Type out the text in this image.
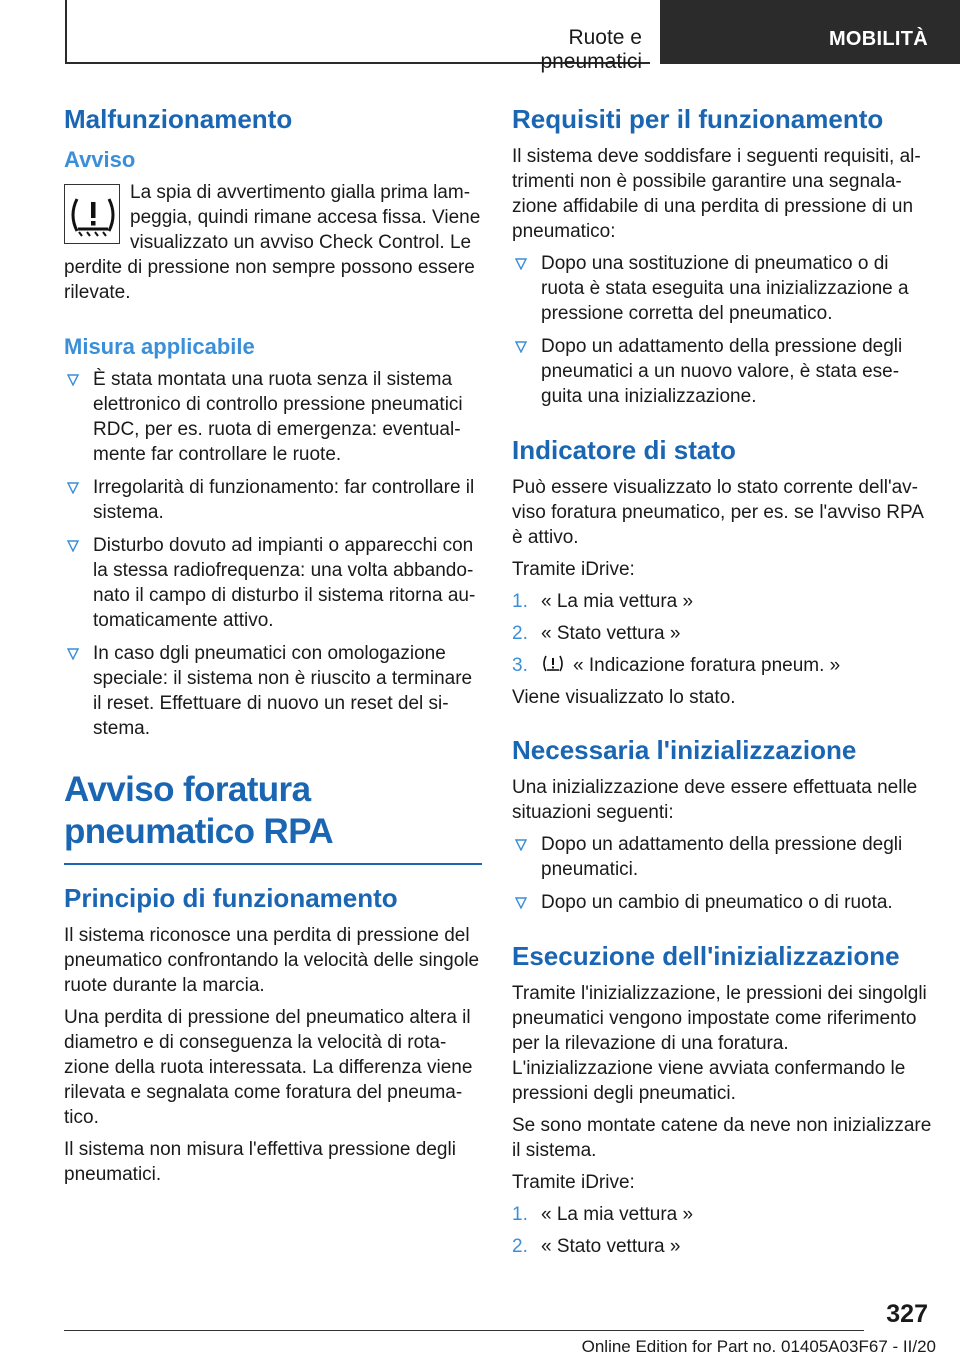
Ruote e pneumatici
MOBILITÀ
Malfunzionamento
Avviso
La spia di avvertimento gialla prima lampeggia, quindi rimane accesa fissa. Viene visualizzato un avviso Check Control. Le

perdite di pressione non sempre possono essere rilevate.

Misura applicabile
È stata montata una ruota senza il sistema elettronico di controllo pressione pneumatici RDC, per es. ruota di emergenza: eventualmente far controllare le ruote.
Irregolarità di funzionamento: far controllare il sistema.
Disturbo dovuto ad impianti o apparecchi con la stessa radiofrequenza: una volta abbandonato il campo di disturbo il sistema ritorna automaticamente attivo.
In caso dgli pneumatici con omologazione speciale: il sistema non è riuscito a terminare il reset. Effettuare di nuovo un reset del sistema.
Avviso foratura pneumatico RPA
Principio di funzionamento

Il sistema riconosce una perdita di pressione del pneumatico confrontando la velocità delle singole ruote durante la marcia.

Una perdita di pressione del pneumatico altera il diametro e di conseguenza la velocità di rotazione della ruota interessata. La differenza viene rilevata e segnalata come foratura del pneumatico.

Il sistema non misura l'effettiva pressione degli pneumatici.

Requisiti per il funzionamento

Il sistema deve soddisfare i seguenti requisiti, altrimenti non è possibile garantire una segnalazione affidabile di una perdita di pressione di un pneumatico:

Dopo una sostituzione di pneumatico o di ruota è stata eseguita una inizializzazione a pressione corretta del pneumatico.
Dopo un adattamento della pressione degli pneumatici a un nuovo valore, è stata eseguita una inizializzazione.
Indicatore di stato

Può essere visualizzato lo stato corrente dell'avviso foratura pneumatico, per es. se l'avviso RPA è attivo.

Tramite iDrive:

1. « La mia vettura »
2. « Stato vettura »
3. « Indicazione foratura pneum. »

Viene visualizzato lo stato.

Necessaria l'inizializzazione

Una inizializzazione deve essere effettuata nelle situazioni seguenti:

Dopo un adattamento della pressione degli pneumatici.
Dopo un cambio di pneumatico o di ruota.
Esecuzione dell'inizializzazione

Tramite l'inizializzazione, le pressioni dei singolgli pneumatici vengono impostate come riferimento per la rilevazione di una foratura. L'inizializzazione viene avviata confermando le pressioni degli pneumatici.

Se sono montate catene da neve non inizializzare il sistema.

Tramite iDrive:

1. « La mia vettura »
2. « Stato vettura »
327
Online Edition for Part no. 01405A03F67 - II/20
